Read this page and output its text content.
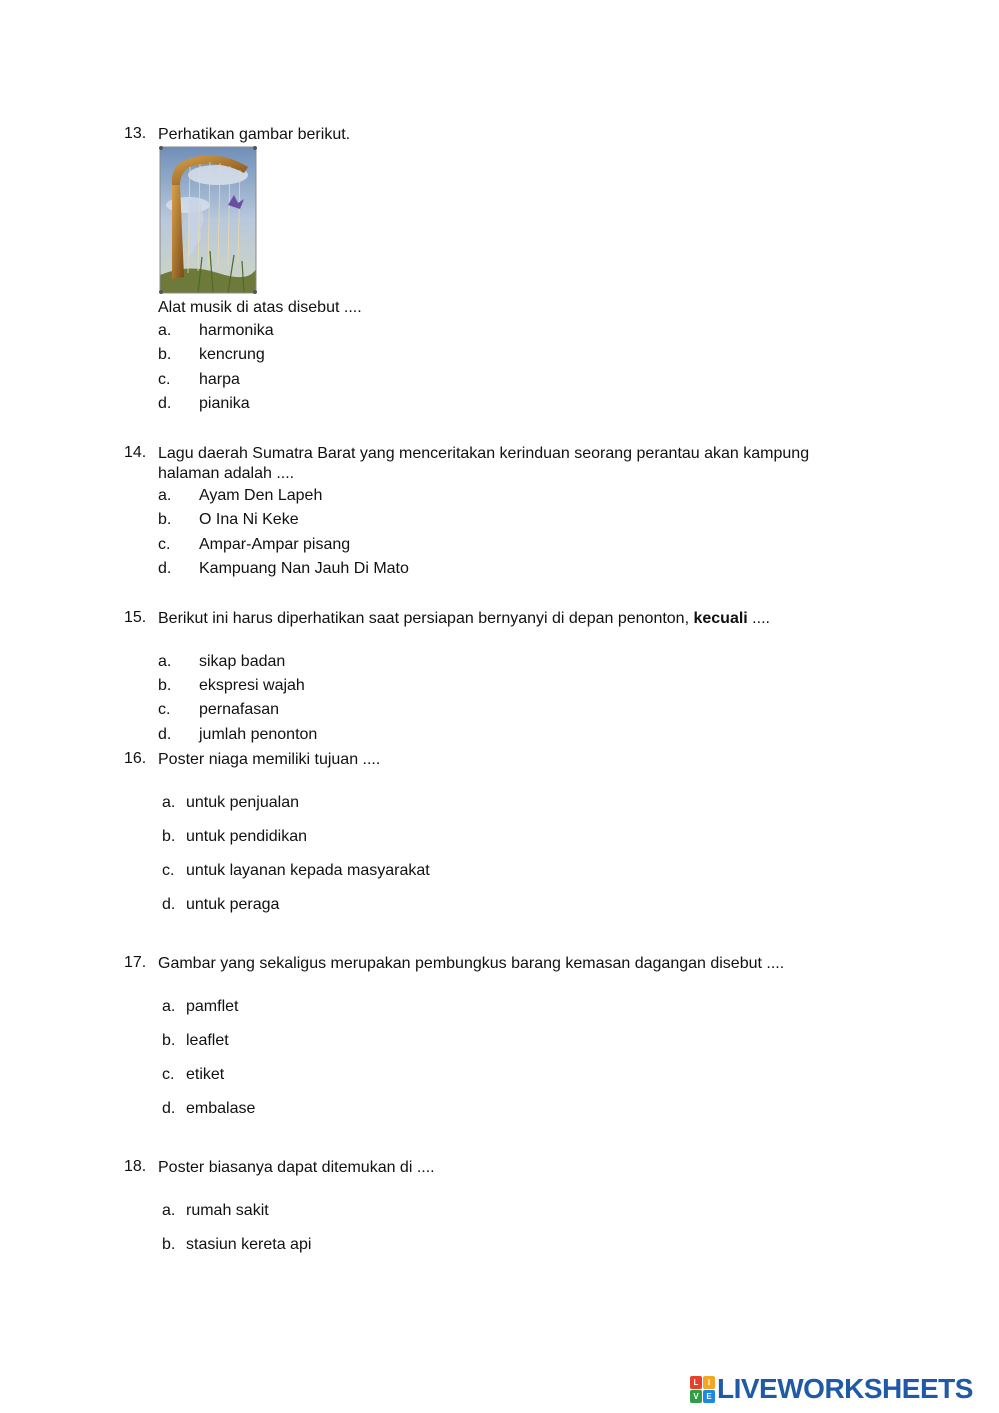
13. Perhatikan gambar berikut.
Alat musik di atas disebut ....
a. harmonika
b. kencrung
c. harpa
d. pianika
14. Lagu daerah Sumatra Barat yang menceritakan kerinduan seorang perantau akan kampung
halaman adalah ....
a. Ayam Den Lapeh
b. O Ina Ni Keke
c. Ampar-Ampar pisang
d. Kampuang Nan Jauh Di Mato
15. Berikut ini harus diperhatikan saat persiapan bernyanyi di depan penonton, kecuali ....
a. sikap badan
b. ekspresi wajah
c. pernafasan
d. jumlah penonton
16. Poster niaga memiliki tujuan ....
a. untuk penjualan
b. untuk pendidikan
c. untuk layanan kepada masyarakat
d. untuk peraga
17. Gambar yang sekaligus merupakan pembungkus barang kemasan dagangan disebut ....
a. pamflet
b. leaflet
c. etiket
d. embalase
18. Poster biasanya dapat ditemukan di ....
a. rumah sakit
b. stasiun kereta api
L	I
V E LIVEWORKSHEETS
